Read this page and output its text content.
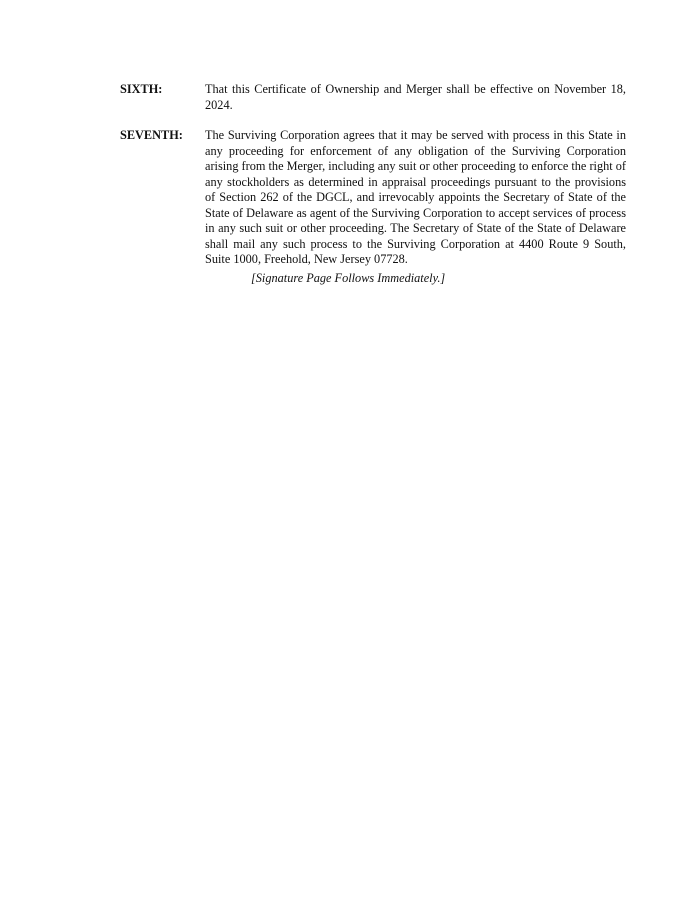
SIXTH:	That this Certificate of Ownership and Merger shall be effective on November 18, 2024.
SEVENTH:	The Surviving Corporation agrees that it may be served with process in this State in any proceeding for enforcement of any obligation of the Surviving Corporation arising from the Merger, including any suit or other proceeding to enforce the right of any stockholders as determined in appraisal proceedings pursuant to the provisions of Section 262 of the DGCL, and irrevocably appoints the Secretary of State of the State of Delaware as agent of the Surviving Corporation to accept services of process in any such suit or other proceeding. The Secretary of State of the State of Delaware shall mail any such process to the Surviving Corporation at 4400 Route 9 South, Suite 1000, Freehold, New Jersey 07728.
[Signature Page Follows Immediately.]
